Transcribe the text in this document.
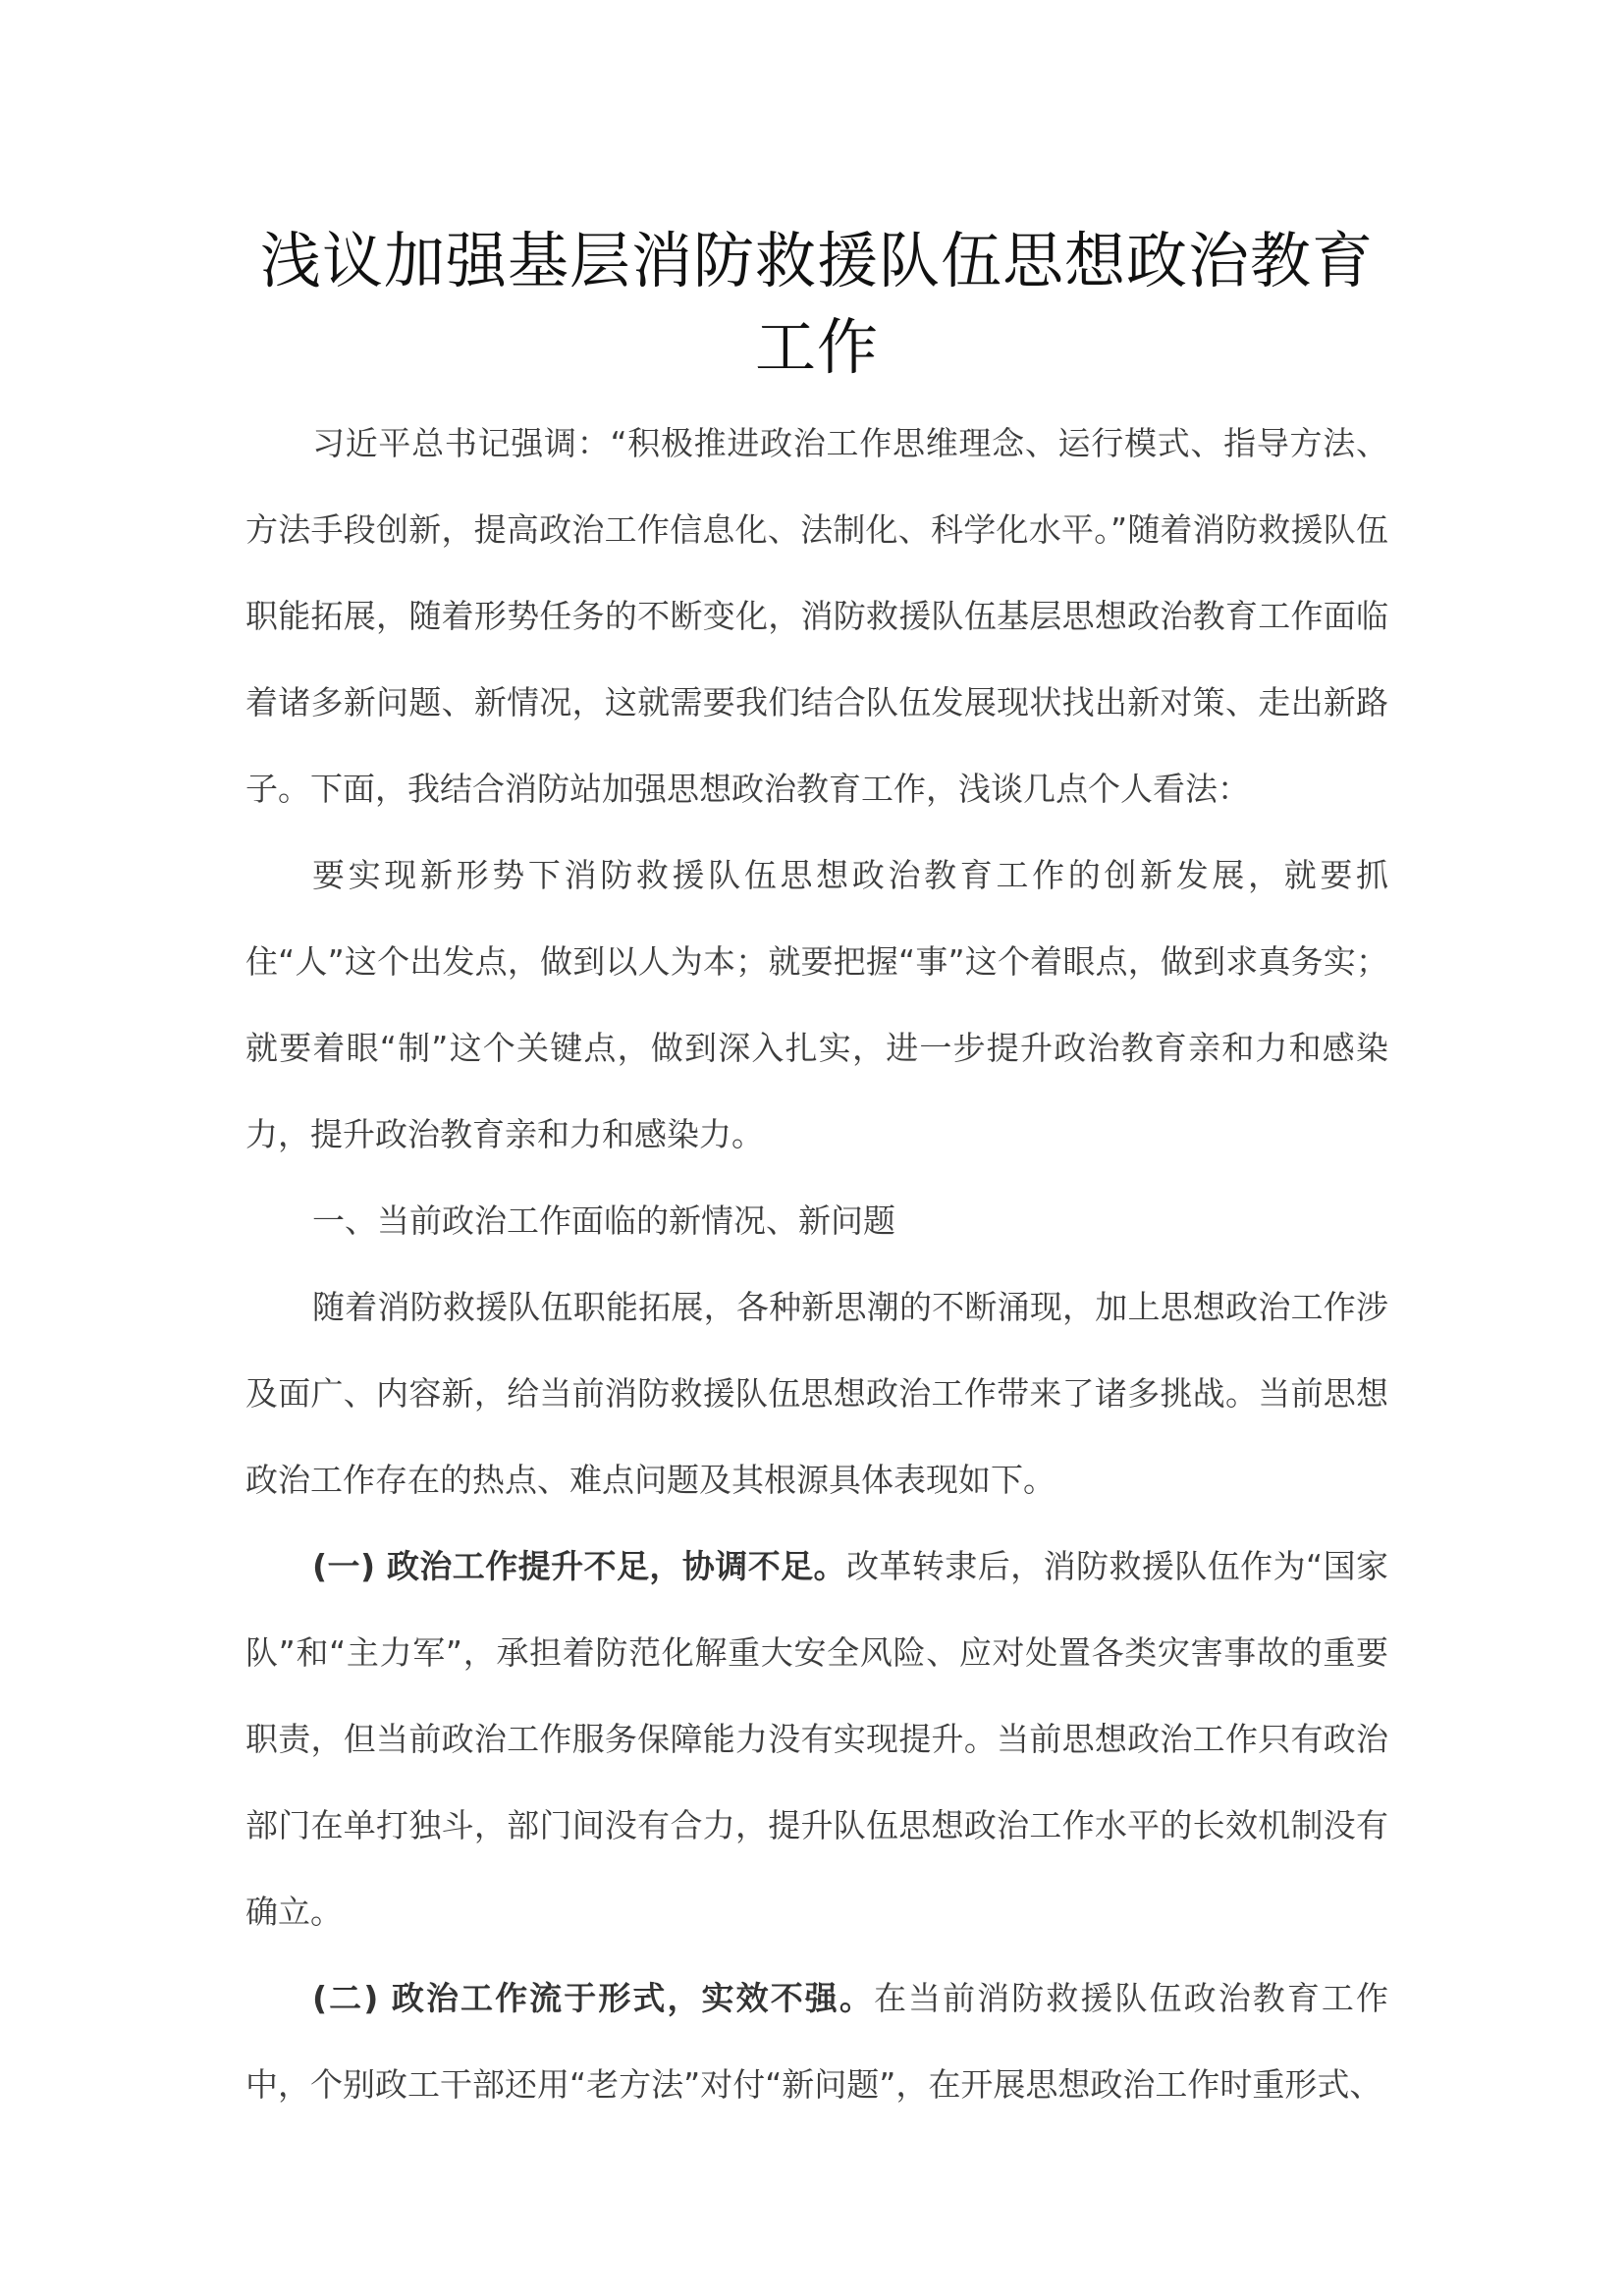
浅议加强基层消防救援队伍思想政治教育工作

习近平总书记强调：“积极推进政治工作思维理念、运行模式、指导方法、方法手段创新，提高政治工作信息化、法制化、科学化水平。”随着消防救援队伍职能拓展，随着形势任务的不断变化，消防救援队伍基层思想政治教育工作面临着诸多新问题、新情况，这就需要我们结合队伍发展现状找出新对策、走出新路子。下面，我结合消防站加强思想政治教育工作，浅谈几点个人看法：

要实现新形势下消防救援队伍思想政治教育工作的创新发展，就要抓住“人”这个出发点，做到以人为本；就要把握“事”这个着眼点，做到求真务实；就要着眼“制”这个关键点，做到深入扎实，进一步提升政治教育亲和力和感染力，提升政治教育亲和力和感染力。

一、当前政治工作面临的新情况、新问题

随着消防救援队伍职能拓展，各种新思潮的不断涌现，加上思想政治工作涉及面广、内容新，给当前消防救援队伍思想政治工作带来了诸多挑战。当前思想政治工作存在的热点、难点问题及其根源具体表现如下。

(一) 政治工作提升不足，协调不足。改革转隶后，消防救援队伍作为“国家队”和“主力军”，承担着防范化解重大安全风险、应对处置各类灾害事故的重要职责，但当前政治工作服务保障能力没有实现提升。当前思想政治工作只有政治部门在单打独斗，部门间没有合力，提升队伍思想政治工作水平的长效机制没有确立。

(二) 政治工作流于形式，实效不强。在当前消防救援队伍政治教育工作中，个别政工干部还用“老方法”对付“新问题”，在开展思想政治工作时重形式、
